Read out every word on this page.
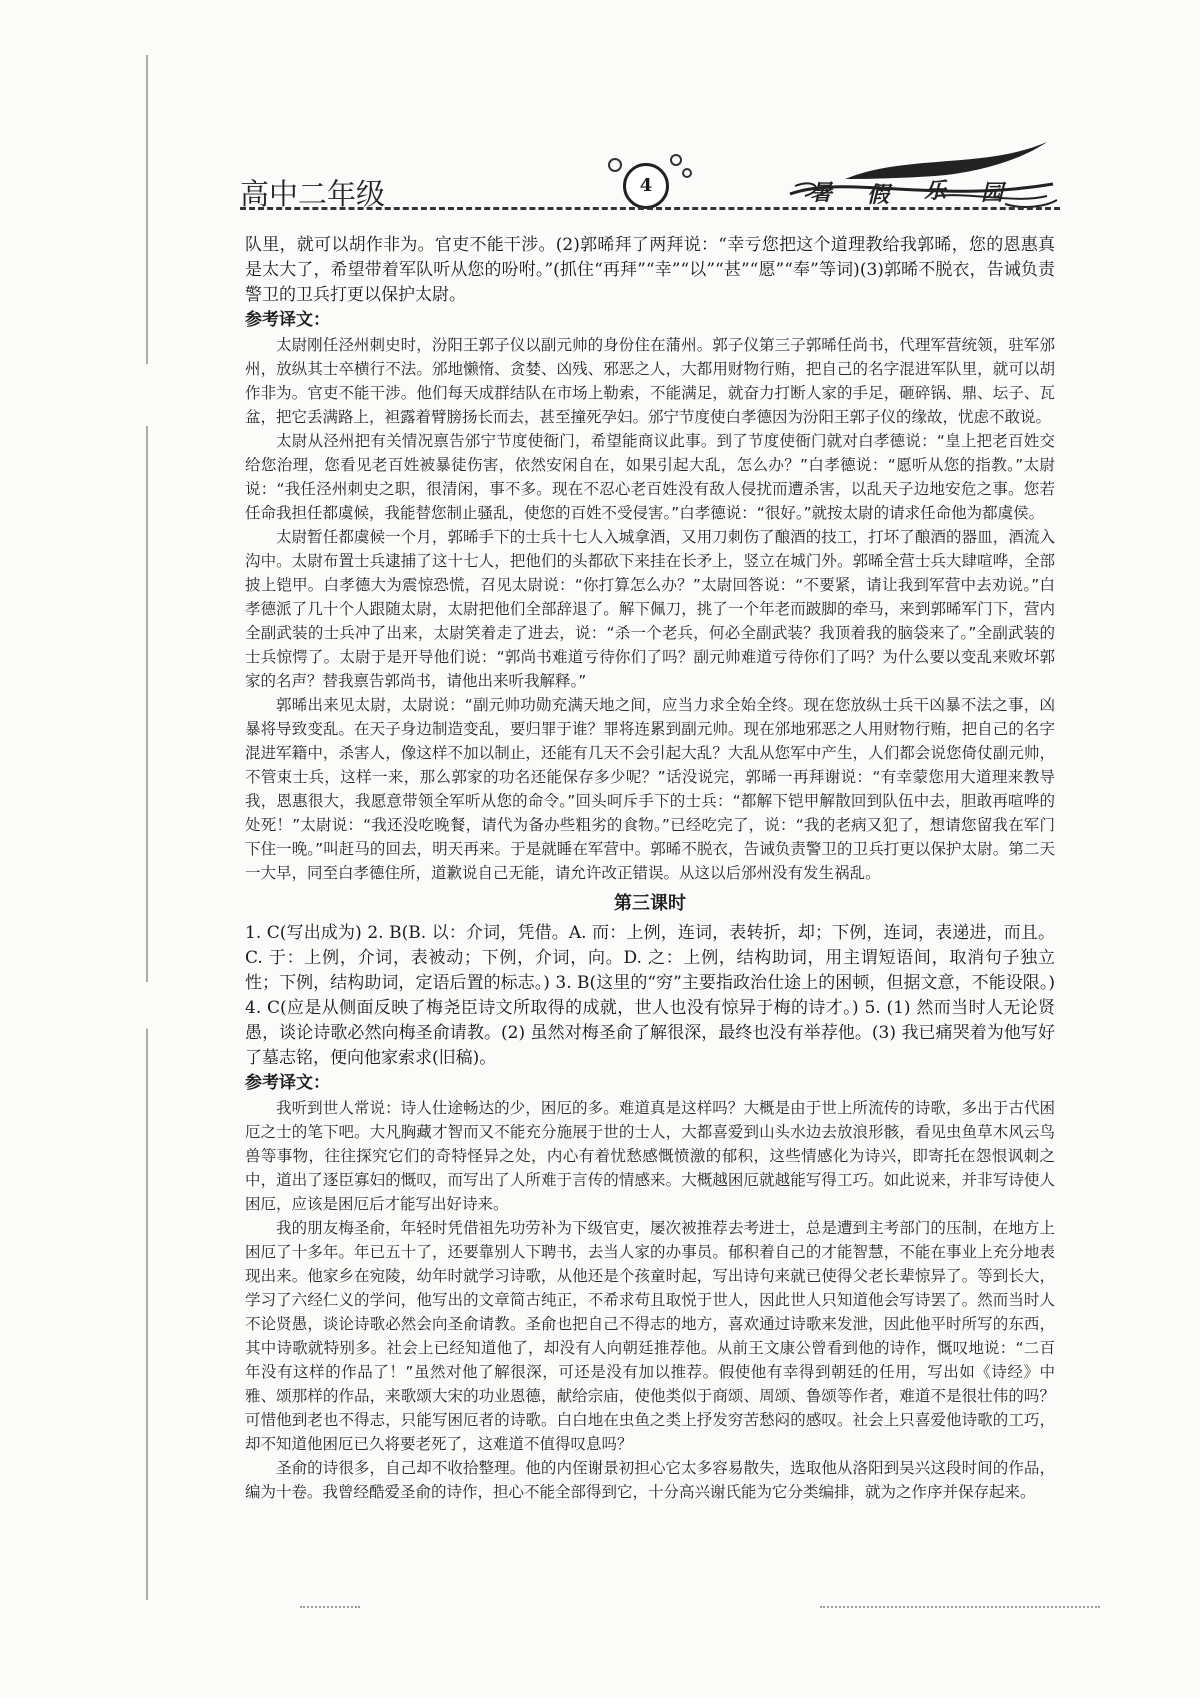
高中二年级	4	暑 假 乐 园

队里，就可以胡作非为。官吏不能干涉。(2)郭晞拜了两拜说：“幸亏您把这个道理教给我郭晞，您的恩惠真是太大了，希望带着军队听从您的吩咐。”(抓住“再拜”“幸”“以”“甚”“愿”“奉”等词)(3)郭晞不脱衣，告诫负责警卫的卫兵打更以保护太尉。

参考译文：

太尉刚任泾州刺史时，汾阳王郭子仪以副元帅的身份住在蒲州。郭子仪第三子郭晞任尚书，代理军营统领，驻军邠州，放纵其士卒横行不法。邠地懒惰、贪婪、凶残、邪恶之人，大都用财物行贿，把自己的名字混进军队里，就可以胡作非为。官吏不能干涉。他们每天成群结队在市场上勒索，不能满足，就奋力打断人家的手足，砸碎锅、鼎、坛子、瓦盆，把它丢满路上，袒露着臂膀扬长而去，甚至撞死孕妇。邠宁节度使白孝德因为汾阳王郭子仪的缘故，忧虑不敢说。

太尉从泾州把有关情况禀告邠宁节度使衙门，希望能商议此事。到了节度使衙门就对白孝德说：“皇上把老百姓交给您治理，您看见老百姓被暴徒伤害，依然安闲自在，如果引起大乱，怎么办？”白孝德说：“愿听从您的指教。”太尉说：“我任泾州刺史之职，很清闲，事不多。现在不忍心老百姓没有敌人侵扰而遭杀害，以乱天子边地安危之事。您若任命我担任都虞候，我能替您制止骚乱，使您的百姓不受侵害。”白孝德说：“很好。”就按太尉的请求任命他为都虞侯。

太尉暂任都虞候一个月，郭晞手下的士兵十七人入城拿酒，又用刀刺伤了酿酒的技工，打坏了酿酒的器皿，酒流入沟中。太尉布置士兵逮捕了这十七人，把他们的头都砍下来挂在长矛上，竖立在城门外。郭晞全营士兵大肆喧哗，全部披上铠甲。白孝德大为震惊恐慌，召见太尉说：“你打算怎么办？”太尉回答说：“不要紧，请让我到军营中去劝说。”白孝德派了几十个人跟随太尉，太尉把他们全部辞退了。解下佩刀，挑了一个年老而跛脚的牵马，来到郭晞军门下，营内全副武装的士兵冲了出来，太尉笑着走了进去，说：“杀一个老兵，何必全副武装？我顶着我的脑袋来了。”全副武装的士兵惊愕了。太尉于是开导他们说：“郭尚书难道亏待你们了吗？副元帅难道亏待你们了吗？为什么要以变乱来败坏郭家的名声？替我禀告郭尚书，请他出来听我解释。”

郭晞出来见太尉，太尉说：“副元帅功勋充满天地之间，应当力求全始全终。现在您放纵士兵干凶暴不法之事，凶暴将导致变乱。在天子身边制造变乱，要归罪于谁？罪将连累到副元帅。现在邠地邪恶之人用财物行贿，把自己的名字混进军籍中，杀害人，像这样不加以制止，还能有几天不会引起大乱？大乱从您军中产生，人们都会说您倚仗副元帅，不管束士兵，这样一来，那么郭家的功名还能保存多少呢？”话没说完，郭晞一再拜谢说：“有幸蒙您用大道理来教导我，恩惠很大，我愿意带领全军听从您的命令。”回头呵斥手下的士兵：“都解下铠甲解散回到队伍中去，胆敢再喧哗的处死！”太尉说：“我还没吃晚餐，请代为备办些粗劣的食物。”已经吃完了，说：“我的老病又犯了，想请您留我在军门下住一晚。”叫赶马的回去，明天再来。于是就睡在军营中。郭晞不脱衣，告诫负责警卫的卫兵打更以保护太尉。第二天一大早，同至白孝德住所，道歉说自己无能，请允许改正错误。从这以后邠州没有发生祸乱。

第三课时

1. C(写出成为) 2. B(B. 以：介词，凭借。A. 而：上例，连词，表转折，却；下例，连词，表递进，而且。C. 于：上例，介词，表被动；下例，介词，向。D. 之：上例，结构助词，用主谓短语间，取消句子独立性；下例，结构助词，定语后置的标志。) 3. B(这里的“穷”主要指政治仕途上的困顿，但据文意，不能设限。) 4. C(应是从侧面反映了梅尧臣诗文所取得的成就，世人也没有惊异于梅的诗才。) 5. (1) 然而当时人无论贤愚，谈论诗歌必然向梅圣俞请教。(2) 虽然对梅圣俞了解很深，最终也没有举荐他。(3) 我已痛哭着为他写好了墓志铭，便向他家索求(旧稿)。

参考译文：

我听到世人常说：诗人仕途畅达的少，困厄的多。难道真是这样吗？大概是由于世上所流传的诗歌，多出于古代困厄之士的笔下吧。大凡胸藏才智而又不能充分施展于世的士人，大都喜爱到山头水边去放浪形骸，看见虫鱼草木风云鸟兽等事物，往往探究它们的奇特怪异之处，内心有着忧愁感慨愤激的郁积，这些情感化为诗兴，即寄托在怨恨讽刺之中，道出了逐臣寡妇的慨叹，而写出了人所难于言传的情感来。大概越困厄就越能写得工巧。如此说来，并非写诗使人困厄，应该是困厄后才能写出好诗来。

我的朋友梅圣俞，年轻时凭借祖先功劳补为下级官吏，屡次被推荐去考进士，总是遭到主考部门的压制，在地方上困厄了十多年。年已五十了，还要靠别人下聘书，去当人家的办事员。郁积着自己的才能智慧，不能在事业上充分地表现出来。他家乡在宛陵，幼年时就学习诗歌，从他还是个孩童时起，写出诗句来就已使得父老长辈惊异了。等到长大，学习了六经仁义的学问，他写出的文章简古纯正，不希求苟且取悦于世人，因此世人只知道他会写诗罢了。然而当时人不论贤愚，谈论诗歌必然会向圣俞请教。圣俞也把自己不得志的地方，喜欢通过诗歌来发泄，因此他平时所写的东西，其中诗歌就特别多。社会上已经知道他了，却没有人向朝廷推荐他。从前王文康公曾看到他的诗作，慨叹地说：“二百年没有这样的作品了！”虽然对他了解很深，可还是没有加以推荐。假使他有幸得到朝廷的任用，写出如《诗经》中雅、颂那样的作品，来歌颂大宋的功业恩德，献给宗庙，使他类似于商颂、周颂、鲁颂等作者，难道不是很壮伟的吗？可惜他到老也不得志，只能写困厄者的诗歌。白白地在虫鱼之类上抒发穷苦愁闷的感叹。社会上只喜爱他诗歌的工巧，却不知道他困厄已久将要老死了，这难道不值得叹息吗？

圣俞的诗很多，自己却不收拾整理。他的内侄谢景初担心它太多容易散失，选取他从洛阳到吴兴这段时间的作品，编为十卷。我曾经酷爱圣俞的诗作，担心不能全部得到它，十分高兴谢氏能为它分类编排，就为之作序并保存起来。
